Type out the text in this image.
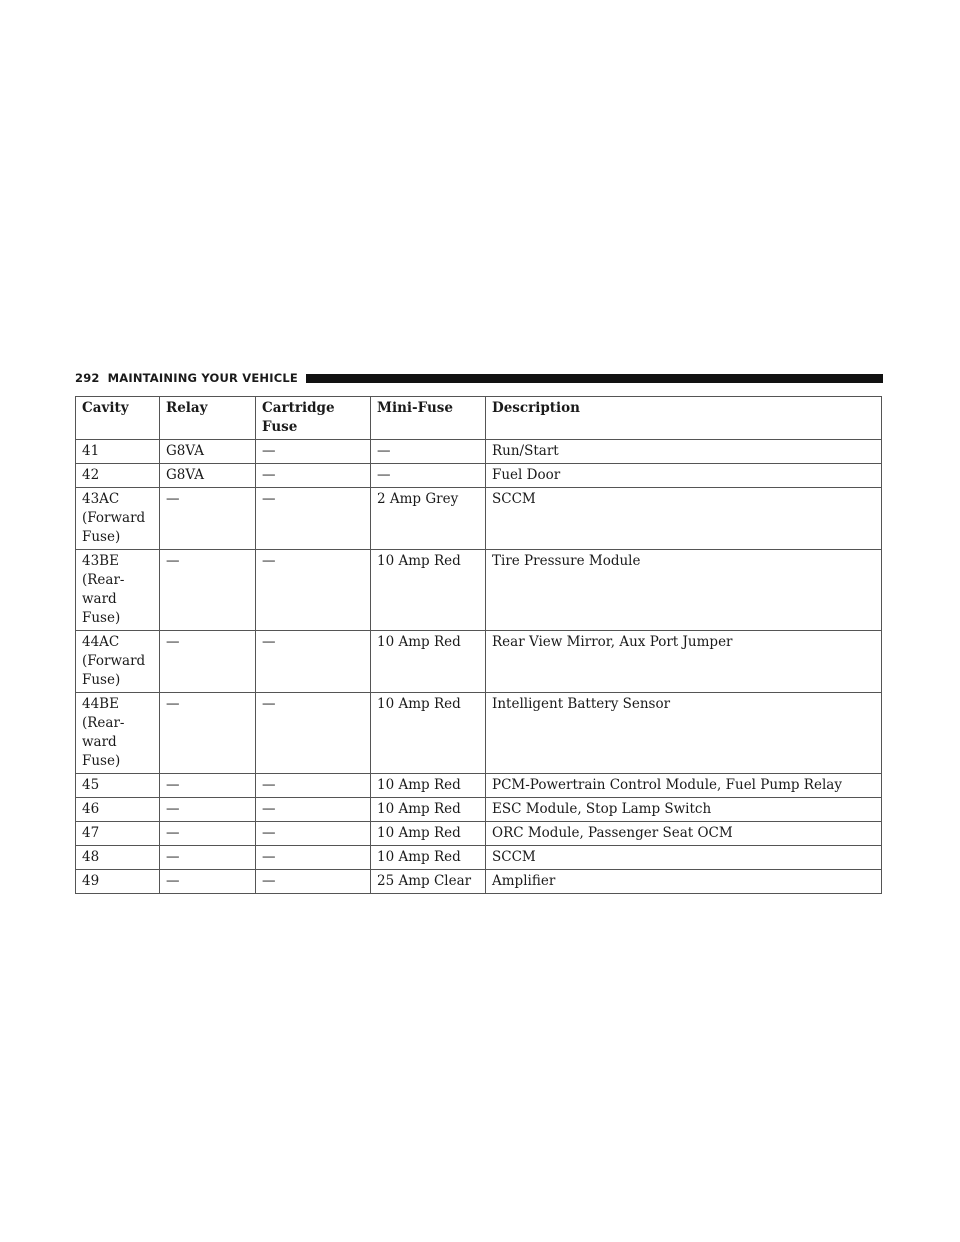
292 MAINTAINING YOUR VEHICLE
Cavity	Relay	Cartridge Fuse	Mini-Fuse	Description

41	G8VA	—	—	Run/Start

42	G8VA	—	—	Fuel Door

43AC
(Forward
Fuse)	—	—	2 Amp Grey	SCCM

43BE
(Rear-
ward
Fuse)	—	—	10 Amp Red	Tire Pressure Module

44AC
(Forward
Fuse)	—	—	10 Amp Red	Rear View Mirror, Aux Port Jumper

44BE
(Rear-
ward
Fuse)	—	—	10 Amp Red	Intelligent Battery Sensor

45	—	—	10 Amp Red	PCM-Powertrain Control Module, Fuel Pump Relay

46	—	—	10 Amp Red	ESC Module, Stop Lamp Switch

47	—	—	10 Amp Red	ORC Module, Passenger Seat OCM

48	—	—	10 Amp Red	SCCM

49	—	—	25 Amp Clear	Amplifier
